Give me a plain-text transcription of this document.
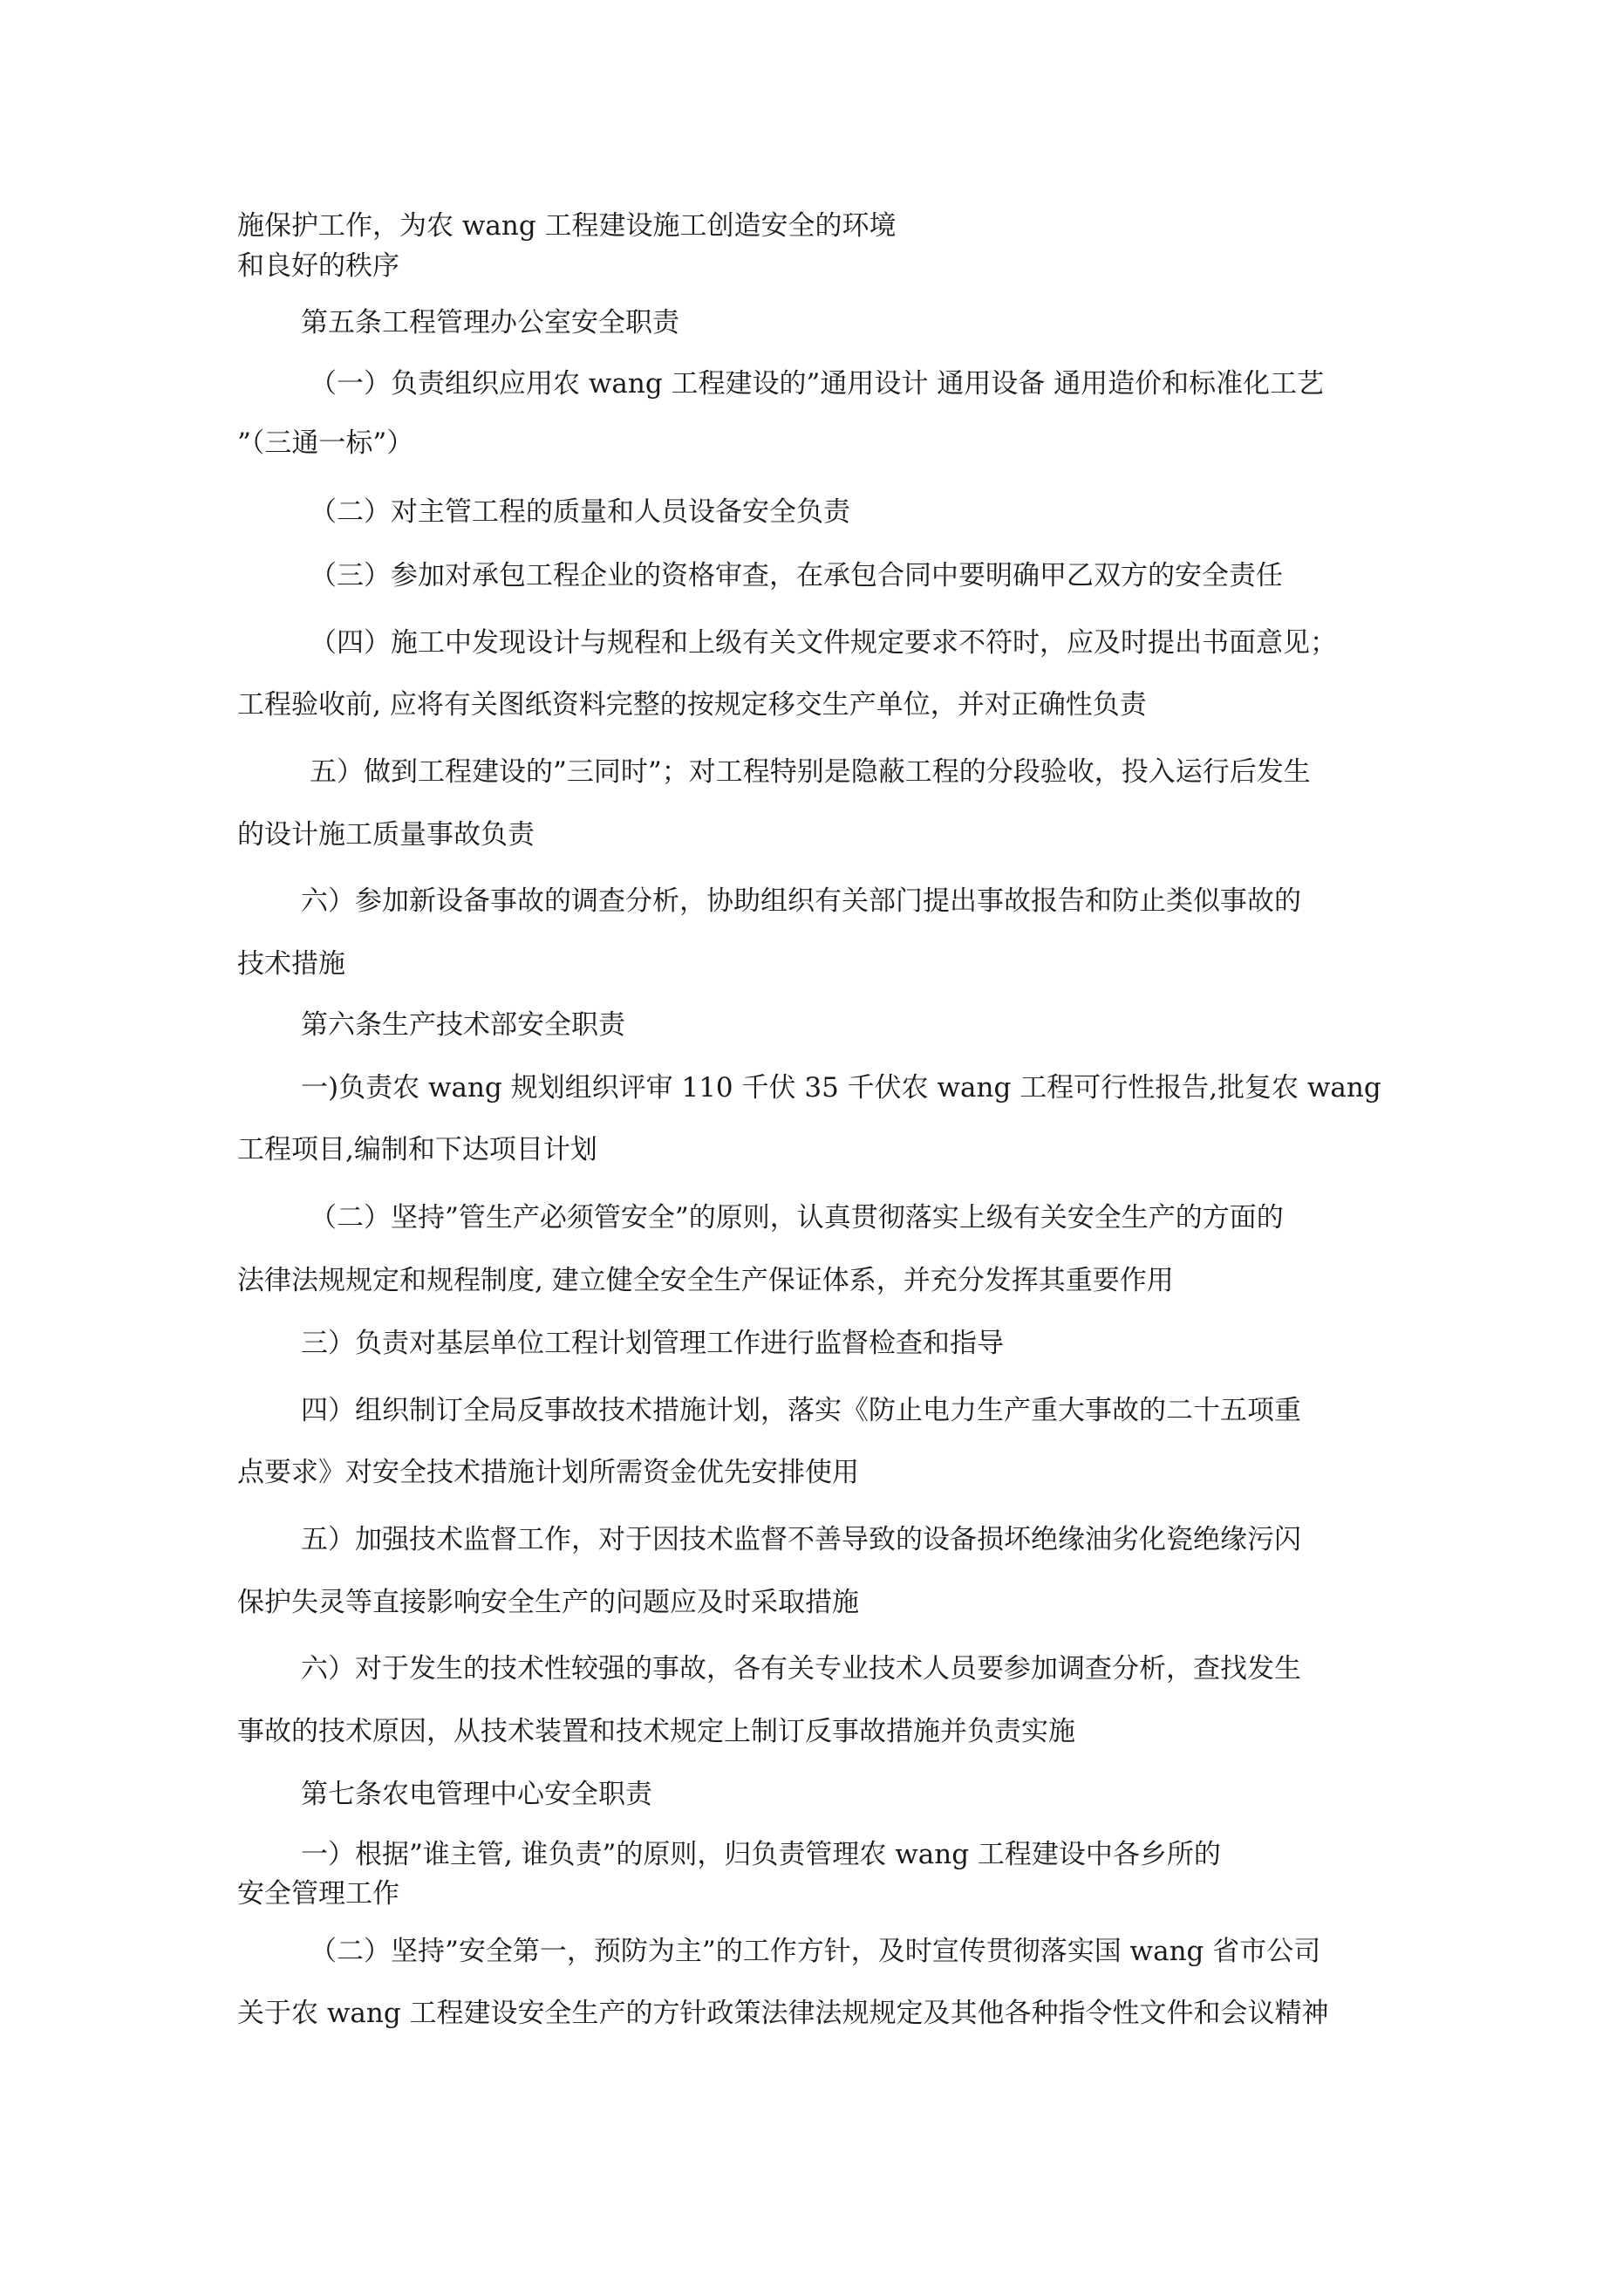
施保护工作，为农 wang 工程建设施工创造安全的环境
和良好的秩序
第五条工程管理办公室安全职责
（一）负责组织应用农 wang 工程建设的”通用设计 通用设备 通用造价和标准化工艺
”（三通一标”）
（二）对主管工程的质量和人员设备安全负责
（三）参加对承包工程企业的资格审查，在承包合同中要明确甲乙双方的安全责任
（四）施工中发现设计与规程和上级有关文件规定要求不符时，应及时提出书面意见；
工程验收前, 应将有关图纸资料完整的按规定移交生产单位，并对正确性负责
五）做到工程建设的”三同时”；对工程特别是隐蔽工程的分段验收，投入运行后发生
的设计施工质量事故负责
六）参加新设备事故的调查分析，协助组织有关部门提出事故报告和防止类似事故的
技术措施
第六条生产技术部安全职责
一)负责农 wang 规划组织评审 110 千伏 35 千伏农 wang 工程可行性报告,批复农 wang
工程项目,编制和下达项目计划
（二）坚持”管生产必须管安全”的原则，认真贯彻落实上级有关安全生产的方面的
法律法规规定和规程制度, 建立健全安全生产保证体系，并充分发挥其重要作用
三）负责对基层单位工程计划管理工作进行监督检查和指导
四）组织制订全局反事故技术措施计划，落实《防止电力生产重大事故的二十五项重
点要求》对安全技术措施计划所需资金优先安排使用
五）加强技术监督工作，对于因技术监督不善导致的设备损坏绝缘油劣化瓷绝缘污闪
保护失灵等直接影响安全生产的问题应及时采取措施
六）对于发生的技术性较强的事故，各有关专业技术人员要参加调查分析，查找发生
事故的技术原因，从技术装置和技术规定上制订反事故措施并负责实施
第七条农电管理中心安全职责
一）根据”谁主管, 谁负责”的原则，归负责管理农 wang 工程建设中各乡所的
安全管理工作
（二）坚持”安全第一，预防为主”的工作方针，及时宣传贯彻落实国 wang 省市公司
关于农 wang 工程建设安全生产的方针政策法律法规规定及其他各种指令性文件和会议精神
